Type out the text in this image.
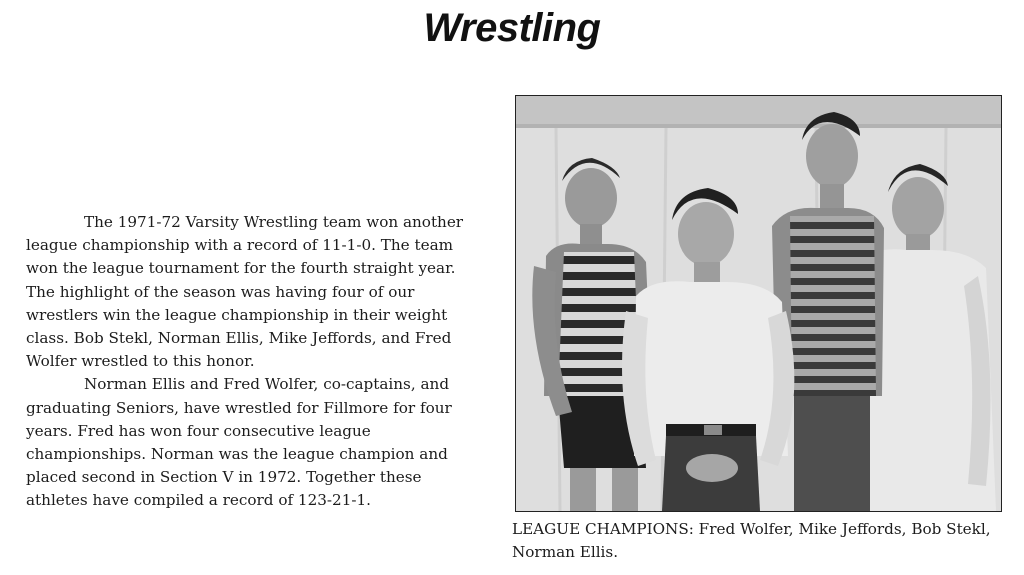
Wrestling

The 1971-72 Varsity Wrestling team won another league championship with a record of 11-1-0. The team won the league tournament for the fourth straight year. The highlight of the season was having four of our wrestlers win the league championship in their weight class. Bob Stekl, Norman Ellis, Mike Jeffords, and Fred Wolfer wrestled to this honor.

Norman Ellis and Fred Wolfer, co-captains, and graduating Seniors, have wrestled for Fillmore for four years. Fred has won four consecutive league championships. Norman was the league champion and placed second in Section V in 1972. Together these athletes have compiled a record of 123-21-1.

LEAGUE CHAMPIONS: Fred Wolfer, Mike Jeffords, Bob Stekl, Norman Ellis.
